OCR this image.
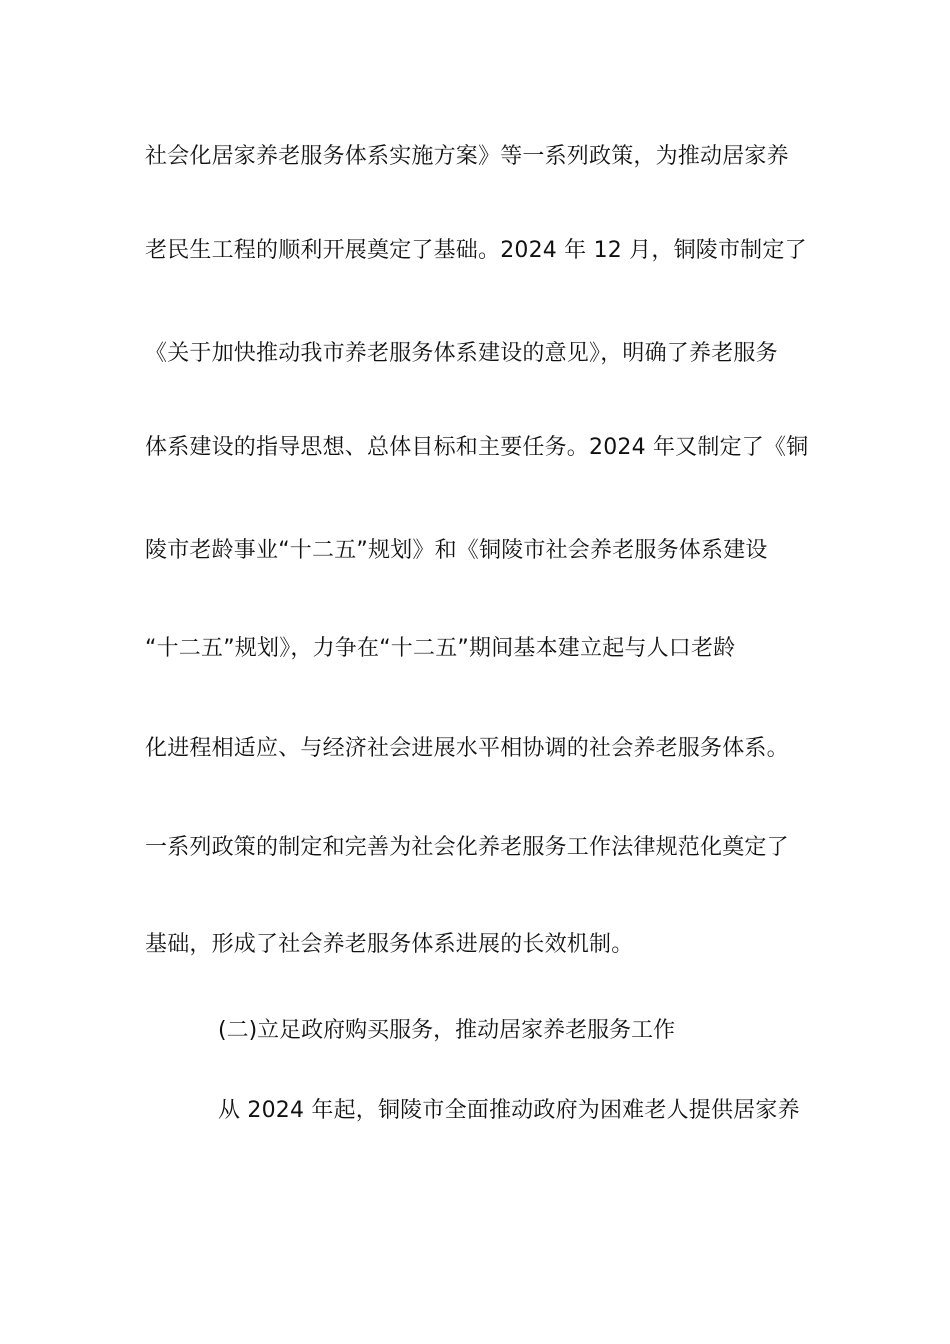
社会化居家养老服务体系实施方案》等一系列政策，为推动居家养
老民生工程的顺利开展奠定了基础。2024 年 12 月，铜陵市制定了
《关于加快推动我市养老服务体系建设的意见》，明确了养老服务
体系建设的指导思想、总体目标和主要任务。2024 年又制定了《铜
陵市老龄事业“十二五”规划》和《铜陵市社会养老服务体系建设
“十二五”规划》，力争在“十二五”期间基本建立起与人口老龄
化进程相适应、与经济社会进展水平相协调的社会养老服务体系。
一系列政策的制定和完善为社会化养老服务工作法律规范化奠定了
基础，形成了社会养老服务体系进展的长效机制。
(二)立足政府购买服务，推动居家养老服务工作
从 2024 年起，铜陵市全面推动政府为困难老人提供居家养
